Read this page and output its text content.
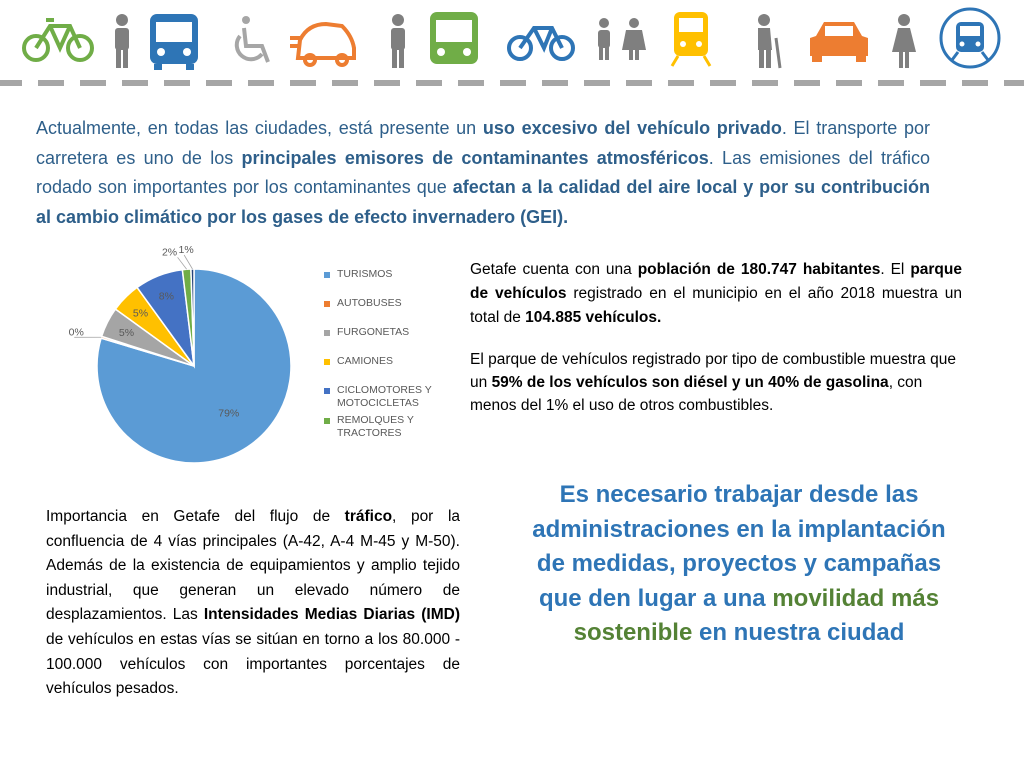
Actualmente, en todas las ciudades, está presente un uso excesivo del vehículo privado. El transporte por carretera es uno de los principales emisores de contaminantes atmosféricos. Las emisiones del tráfico rodado son importantes por los contaminantes que afectan a la calidad del aire local y por su contribución al cambio climático por los gases de efecto invernadero (GEI).
79%
0%	5%
5%
8%
2% 1%
TURISMOS
AUTOBUSES
FURGONETAS
CAMIONES
CICLOMOTORES Y MOTOCICLETAS
REMOLQUES Y TRACTORES
Getafe cuenta con una población de 180.747 habitantes. El parque de vehículos registrado en el municipio en el año 2018 muestra un total de 104.885 vehículos.
El parque de vehículos registrado por tipo de combustible muestra que un 59% de los vehículos son diésel y un 40% de gasolina, con menos del 1% el uso de otros combustibles.
Importancia en Getafe del flujo de tráfico, por la confluencia de 4 vías principales (A-42, A-4 M-45 y M-50). Además de la existencia de equipamientos y amplio tejido industrial, que generan un elevado número de desplazamientos. Las Intensidades Medias Diarias (IMD) de vehículos en estas vías se sitúan en torno a los 80.000 - 100.000 vehículos con importantes porcentajes de vehículos pesados.
Es necesario trabajar desde las administraciones en la implantación de medidas, proyectos y campañas que den lugar a una movilidad más sostenible en nuestra ciudad
